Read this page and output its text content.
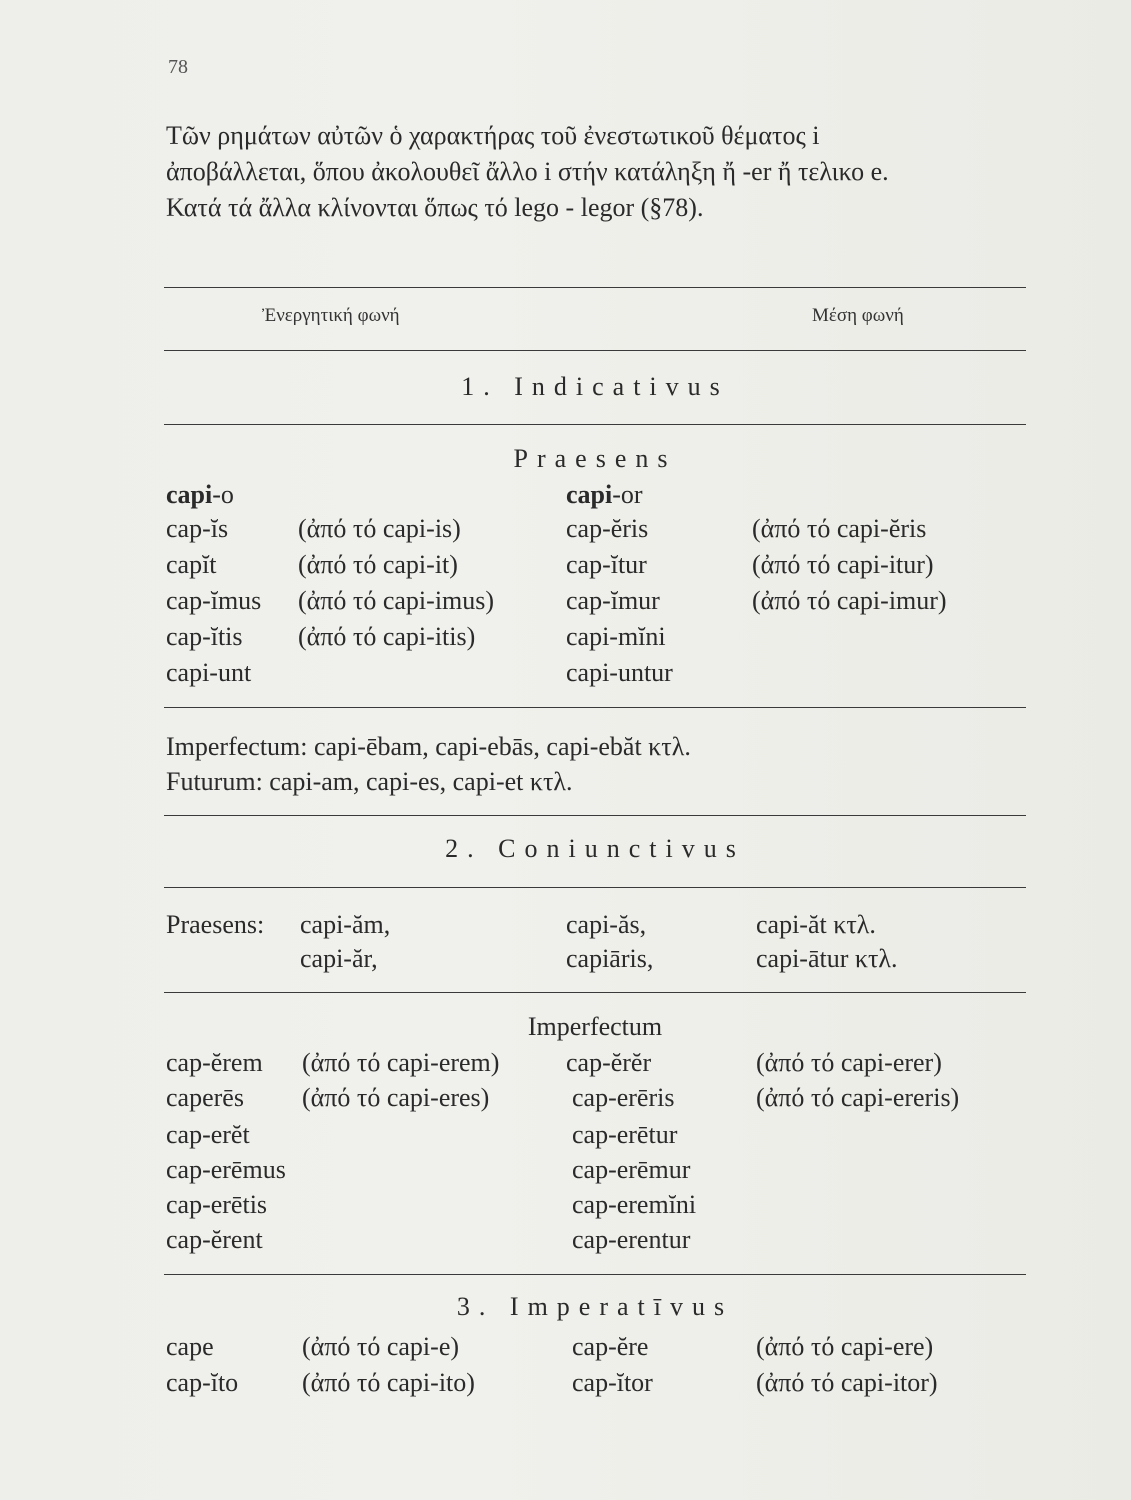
78
Τῶν ρημάτων αὐτῶν ὁ χαρακτήρας τοῦ ἐνεστωτικοῦ θέματος i
ἀποβάλλεται, ὅπου ἀκολουθεῖ ἄλλο i στήν κατάληξη ἤ -er ἤ τελικο e.
Κατά τά ἄλλα κλίνονται ὅπως τό lego - legor (§78).
Ἐνεργητική φωνή	Μέση φωνή
1. Indicativus
Praesens
capi-o	capi-or
cap-ĭs	(ἀπό τό capi-is)	cap-ĕris	(ἀπό τό capi-ĕris
capĭt	(ἀπό τό capi-it)	cap-ĭtur	(ἀπό τό capi-itur)
cap-ĭmus (ἀπό τό capi-imus)	cap-ĭmur	(ἀπό τό capi-imur)
cap-ĭtis (ἀπό τό capi-itis)	capi-mĭni
capi-unt	capi-untur
Imperfectum: capi-ēbam, capi-ebās, capi-ebăt κτλ.
Futurum: capi-am, capi-es, capi-et κτλ.
2. Coniunctivus
Praesens: capi-ăm,	capi-ăs,	capi-ăt κτλ.
capi-ăr,	capiāris,	capi-ātur κτλ.
Imperfectum
cap-ĕrem (ἀπό τό capi-erem)	cap-ĕrĕr	(ἀπό τό capi-erer)
caperēs (ἀπό τό capi-eres)	cap-erēris	(ἀπό τό capi-ereris)
cap-erĕt	cap-erētur
cap-erēmus	cap-erēmur
cap-erētis	cap-eremĭni
cap-ĕrent	cap-erentur
3. Imperatīvus
cape	(ἀπό τό capi-e)	cap-ĕre	(ἀπό τό capi-ere)
cap-ĭto (ἀπό τό capi-ito)	cap-ĭtor	(ἀπό τό capi-itor)
